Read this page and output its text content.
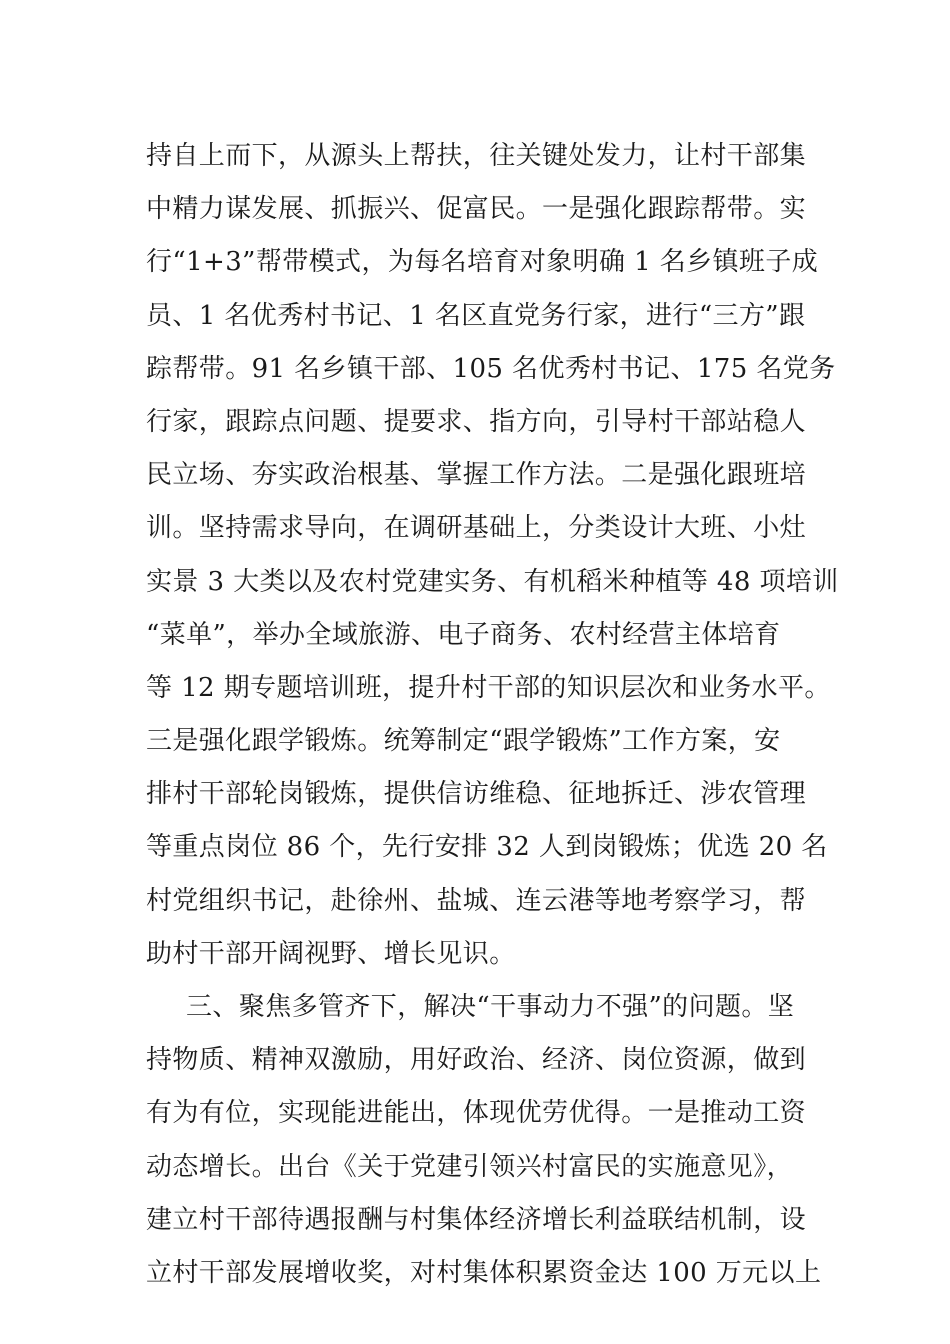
持自上而下，从源头上帮扶，往关键处发力，让村干部集
中精力谋发展、抓振兴、促富民。一是强化跟踪帮带。实
行“1+3”帮带模式，为每名培育对象明确 1 名乡镇班子成
员、1 名优秀村书记、1 名区直党务行家，进行“三方”跟
踪帮带。91 名乡镇干部、105 名优秀村书记、175 名党务
行家，跟踪点问题、提要求、指方向，引导村干部站稳人
民立场、夯实政治根基、掌握工作方法。二是强化跟班培
训。坚持需求导向，在调研基础上，分类设计大班、小灶
实景 3 大类以及农村党建实务、有机稻米种植等 48 项培训
“菜单”，举办全域旅游、电子商务、农村经营主体培育
等 12 期专题培训班，提升村干部的知识层次和业务水平。
三是强化跟学锻炼。统筹制定“跟学锻炼”工作方案，安
排村干部轮岗锻炼，提供信访维稳、征地拆迁、涉农管理
等重点岗位 86 个，先行安排 32 人到岗锻炼；优选 20 名
村党组织书记，赴徐州、盐城、连云港等地考察学习，帮
助村干部开阔视野、增长见识。
三、聚焦多管齐下，解决“干事动力不强”的问题。坚
持物质、精神双激励，用好政治、经济、岗位资源，做到
有为有位，实现能进能出，体现优劳优得。一是推动工资
动态增长。出台《关于党建引领兴村富民的实施意见》，
建立村干部待遇报酬与村集体经济增长利益联结机制，设
立村干部发展增收奖，对村集体积累资金达 100 万元以上
